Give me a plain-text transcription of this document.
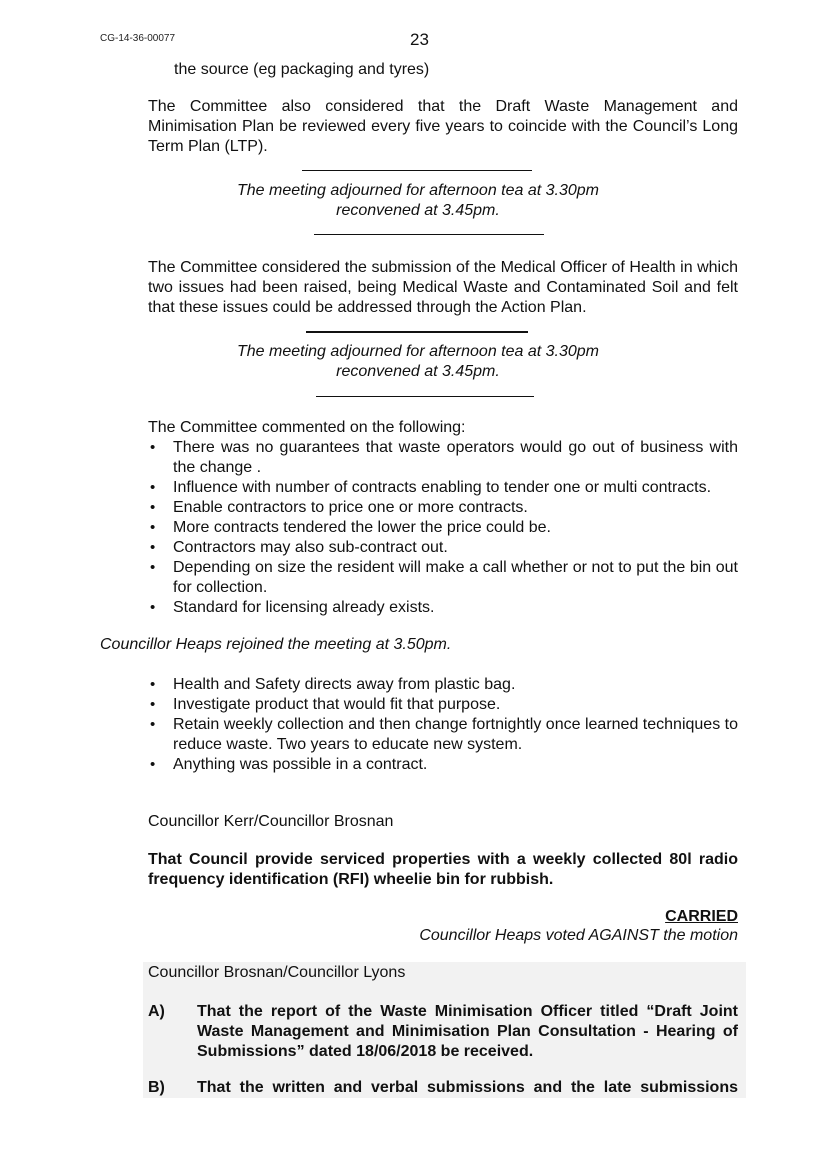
CG-14-36-00077	23
the source (eg packaging and tyres)
The Committee also considered that the Draft Waste Management and Minimisation Plan be reviewed every five years to coincide with the Council’s Long Term Plan (LTP).
The meeting adjourned for afternoon tea at 3.30pm
reconvened at 3.45pm.
The Committee considered the submission of the Medical Officer of Health in which two issues had been raised, being Medical Waste and Contaminated Soil and felt that these issues could be addressed through the Action Plan.
The meeting adjourned for afternoon tea at 3.30pm
reconvened at 3.45pm.
The Committee commented on the following:
• There was no guarantees that waste operators would go out of business with the change .
• Influence with number of contracts enabling to tender one or multi contracts.
• Enable contractors to price one or more contracts.
• More contracts tendered the lower the price could be.
• Contractors may also sub-contract out.
• Depending on size the resident will make a call whether or not to put the bin out for collection.
• Standard for licensing already exists.
Councillor Heaps rejoined the meeting at 3.50pm.
• Health and Safety directs away from plastic bag.
• Investigate product that would fit that purpose.
• Retain weekly collection and then change fortnightly once learned techniques to reduce waste. Two years to educate new system.
• Anything was possible in a contract.
Councillor Kerr/Councillor Brosnan
That Council provide serviced properties with a weekly collected 80l radio frequency identification (RFI) wheelie bin for rubbish.
CARRIED
Councillor Heaps voted AGAINST the motion
Councillor Brosnan/Councillor Lyons
A)	That the report of the Waste Minimisation Officer titled “Draft Joint Waste Management and Minimisation Plan Consultation - Hearing of Submissions” dated 18/06/2018 be received.
B)	That the written and verbal submissions and the late submissions
